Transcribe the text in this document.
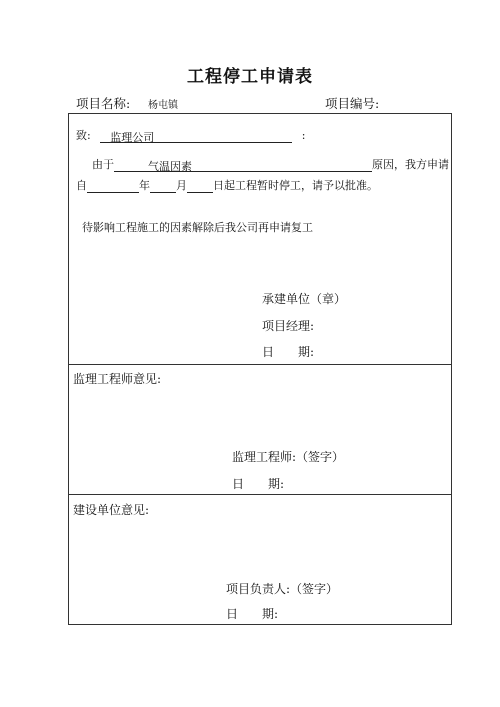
工程停工申请表
项目名称: 杨屯镇	项目编号:
致: 监理公司	:
由于	气温因素	原因，我方申请
自	年 月 日起工程暂时停工，请予以批准。
待影响工程施工的因素解除后我公司再申请复工
承建单位（章）
项目经理:
日　　期:
监理工程师意见:
监理工程师:（签字）
日　　期:
建设单位意见:
项目负责人:（签字）
日　　期:
